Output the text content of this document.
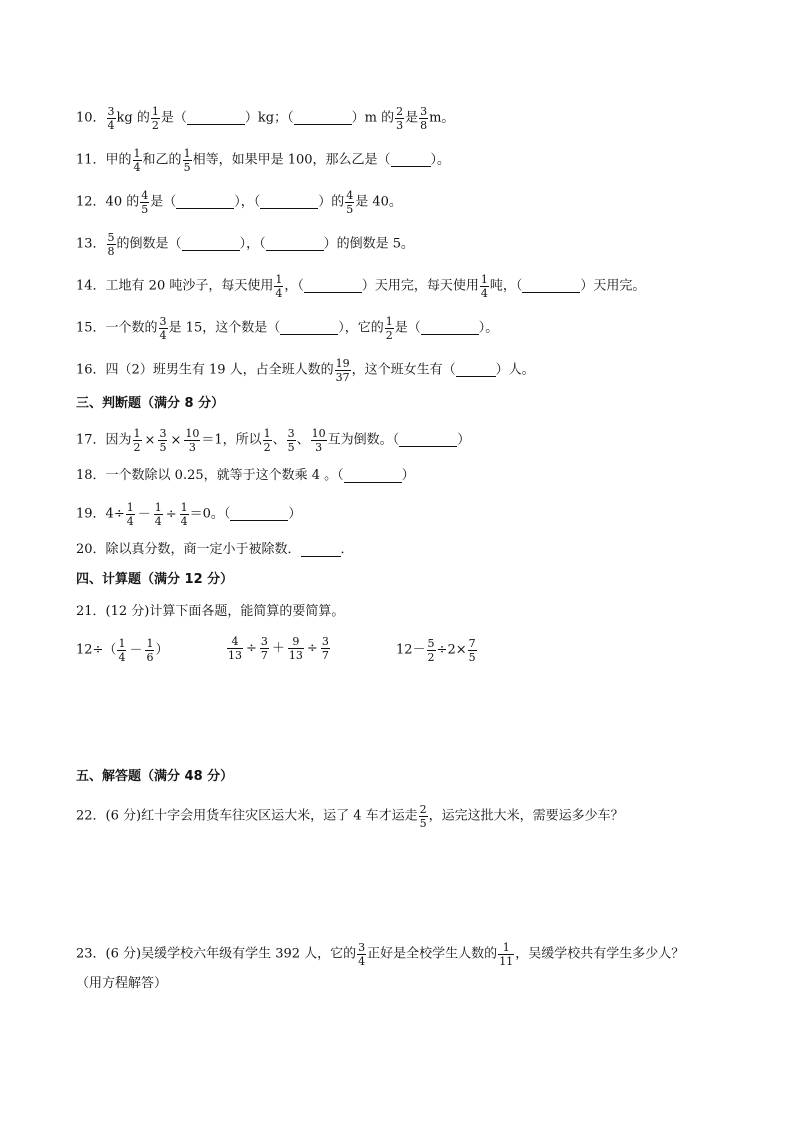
10． $\frac{3}{4}$ kg 的 $\frac{1}{2}$ 是（	）kg；（	）m 的 $\frac{2}{3}$ 是 $\frac{3}{8}$ m。
11．甲的 $\frac{1}{4}$ 和乙的 $\frac{1}{5}$ 相等，如果甲是 100，那么乙是（	）。
12．40 的 $\frac{4}{5}$ 是（	），（	）的 $\frac{4}{5}$ 是 40。
13． $\frac{5}{8}$ 的倒数是（	），（	）的倒数是 5。
14．工地有 20 吨沙子，每天使用 $\frac{1}{4}$ ，（	）天用完，每天使用 $\frac{1}{4}$ 吨，（	）天用完。
15．一个数的 $\frac{3}{4}$ 是 15，这个数是（	），它的 $\frac{1}{2}$ 是（	）。
16．四（2）班男生有 19 人，占全班人数的 $\frac{19}{37}$ ，这个班女生有（	）人。
三、判断题（满分 8 分）
17．因为 $\frac{1}{2} \times \frac{3}{5} \times \frac{10}{3} =1$，所以 $\frac{1}{2}$ 、 $\frac{3}{5}$ 、 $\frac{10}{3}$ 互为倒数。（	）
18．一个数除以 0.25，就等于这个数乘 4 。（	）
19．$4\div \frac{1}{4} - \frac{1}{4} \div \frac{1}{4} =0$。（	）
20．除以真分数，商一定小于被除数．	．
四、计算题（满分 12 分）
21．(12 分)计算下面各题，能简算的要简算。
$12\div( \frac{1}{4} - \frac{1}{6}$ ）	$\frac{4}{13} \div \frac{3}{7} + \frac{9}{13} \div \frac{3}{7}$	$12- \frac{5}{2} \div 2\times \frac{7}{5}$
五、解答题（满分 48 分）
22．(6 分)红十字会用货车往灾区运大米，运了 4 车才运走 $\frac{2}{5}$ ，运完这批大米，需要运多少车？
23．(6 分)吴缓学校六年级有学生 392 人，它的 $\frac{3}{4}$ 正好是全校学生人数的 $\frac{1}{11}$ ，吴缓学校共有学生多少人？
（用方程解答）
